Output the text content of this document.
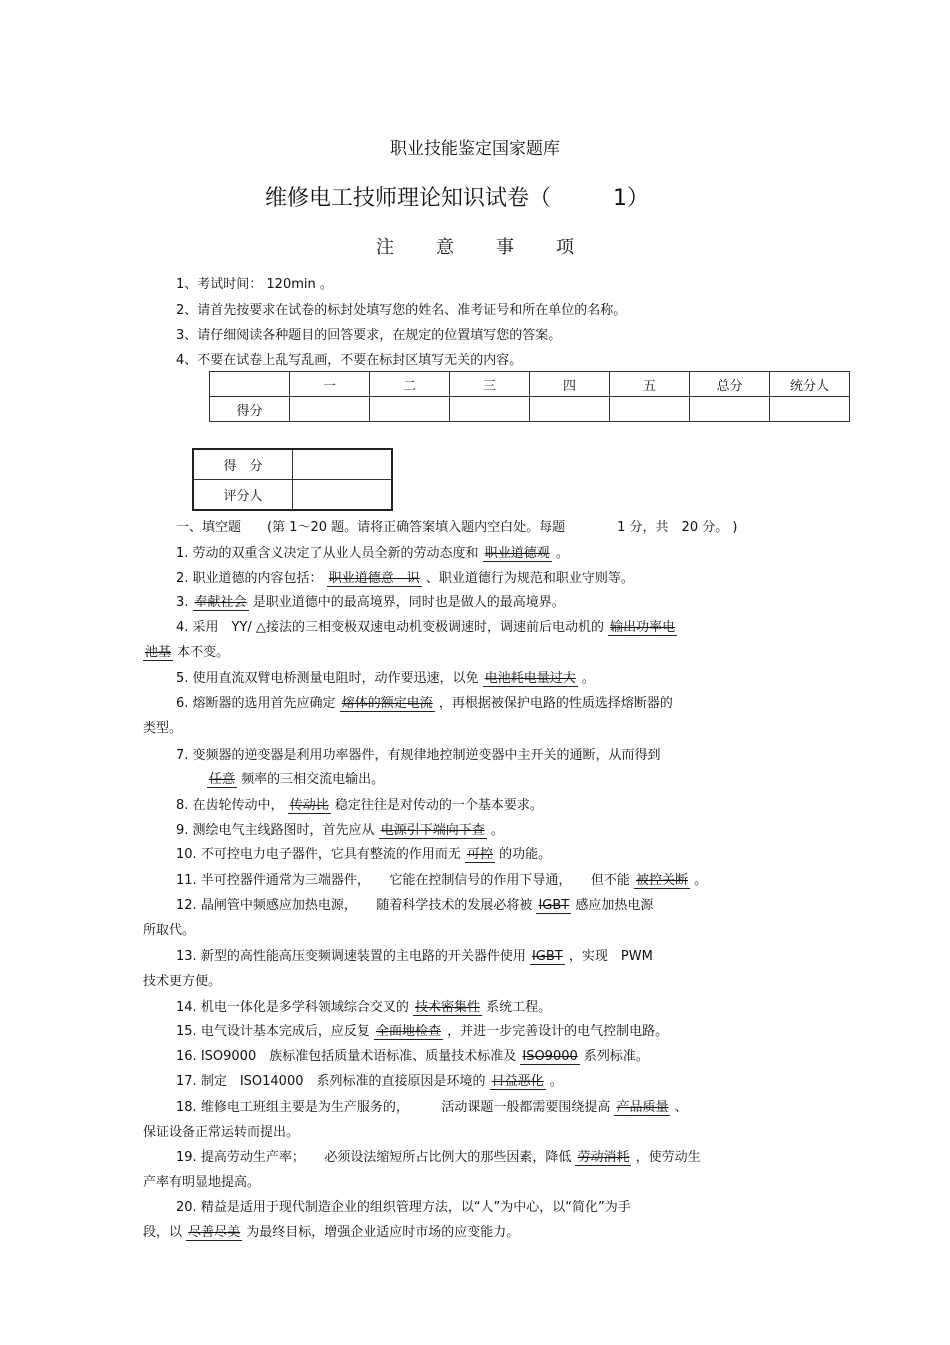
职业技能鉴定国家题库
维修电工技师理论知识试卷（	1）
注意事项
1、考试时间： 120min 。
2、请首先按要求在试卷的标封处填写您的姓名、准考证号和所在单位的名称。
3、请仔细阅读各种题目的回答要求，在规定的位置填写您的答案。
4、不要在试卷上乱写乱画，不要在标封区填写无关的内容。
	一	二	三	四	五	总分	统分人
得分							
得　分	
评分人	
一、填空题　　(第 1～20 题。请将正确答案填入题内空白处。每题　　　　1 分，共　20 分。 )
1. 劳动的双重含义决定了从业人员全新的劳动态度和 职业道德观 。
2. 职业道德的内容包括： 职业道德意　识 、职业道德行为规范和职业守则等。
3. 奉献社会 是职业道德中的最高境界，同时也是做人的最高境界。
4. 采用　YY/ △接法的三相变极双速电动机变极调速时，调速前后电动机的 输出功率电
池基 本不变。
5. 使用直流双臂电桥测量电阻时，动作要迅速，以免 电池耗电量过大 。
6. 熔断器的选用首先应确定 熔体的额定电流 ，再根据被保护电路的性质选择熔断器的
类型。
7. 变频器的逆变器是利用功率器件，有规律地控制逆变器中主开关的通断，从而得到
任意 频率的三相交流电输出。
8. 在齿轮传动中， 传动比 稳定往往是对传动的一个基本要求。
9. 测绘电气主线路图时，首先应从 电源引下端向下查 。
10. 不可控电力电子器件，它具有整流的作用而无 可控 的功能。
11. 半可控器件通常为三端器件，　　它能在控制信号的作用下导通，　　但不能 被控关断 。
12. 晶闸管中频感应加热电源，　　随着科学技术的发展必将被 IGBT 感应加热电源
所取代。
13. 新型的高性能高压变频调速装置的主电路的开关器件使用 IGBT ，实现　PWM
技术更方便。
14. 机电一体化是多学科领域综合交叉的 技术密集性 系统工程。
15. 电气设计基本完成后，应反复 全面地检查 ，并进一步完善设计的电气控制电路。
16. ISO9000　族标准包括质量术语标准、质量技术标准及 ISO9000 系列标准。
17. 制定　ISO14000　系列标准的直接原因是环境的 日益恶化 。
18. 维修电工班组主要是为生产服务的，　　　活动课题一般都需要围绕提高 产品质量 、
保证设备正常运转而提出。
19. 提高劳动生产率；　　必须设法缩短所占比例大的那些因素，降低 劳动消耗 ，使劳动生
产率有明显地提高。
20. 精益是适用于现代制造企业的组织管理方法，以“人”为中心，以“简化”为手
段，以 尽善尽美 为最终目标，增强企业适应时市场的应变能力。
